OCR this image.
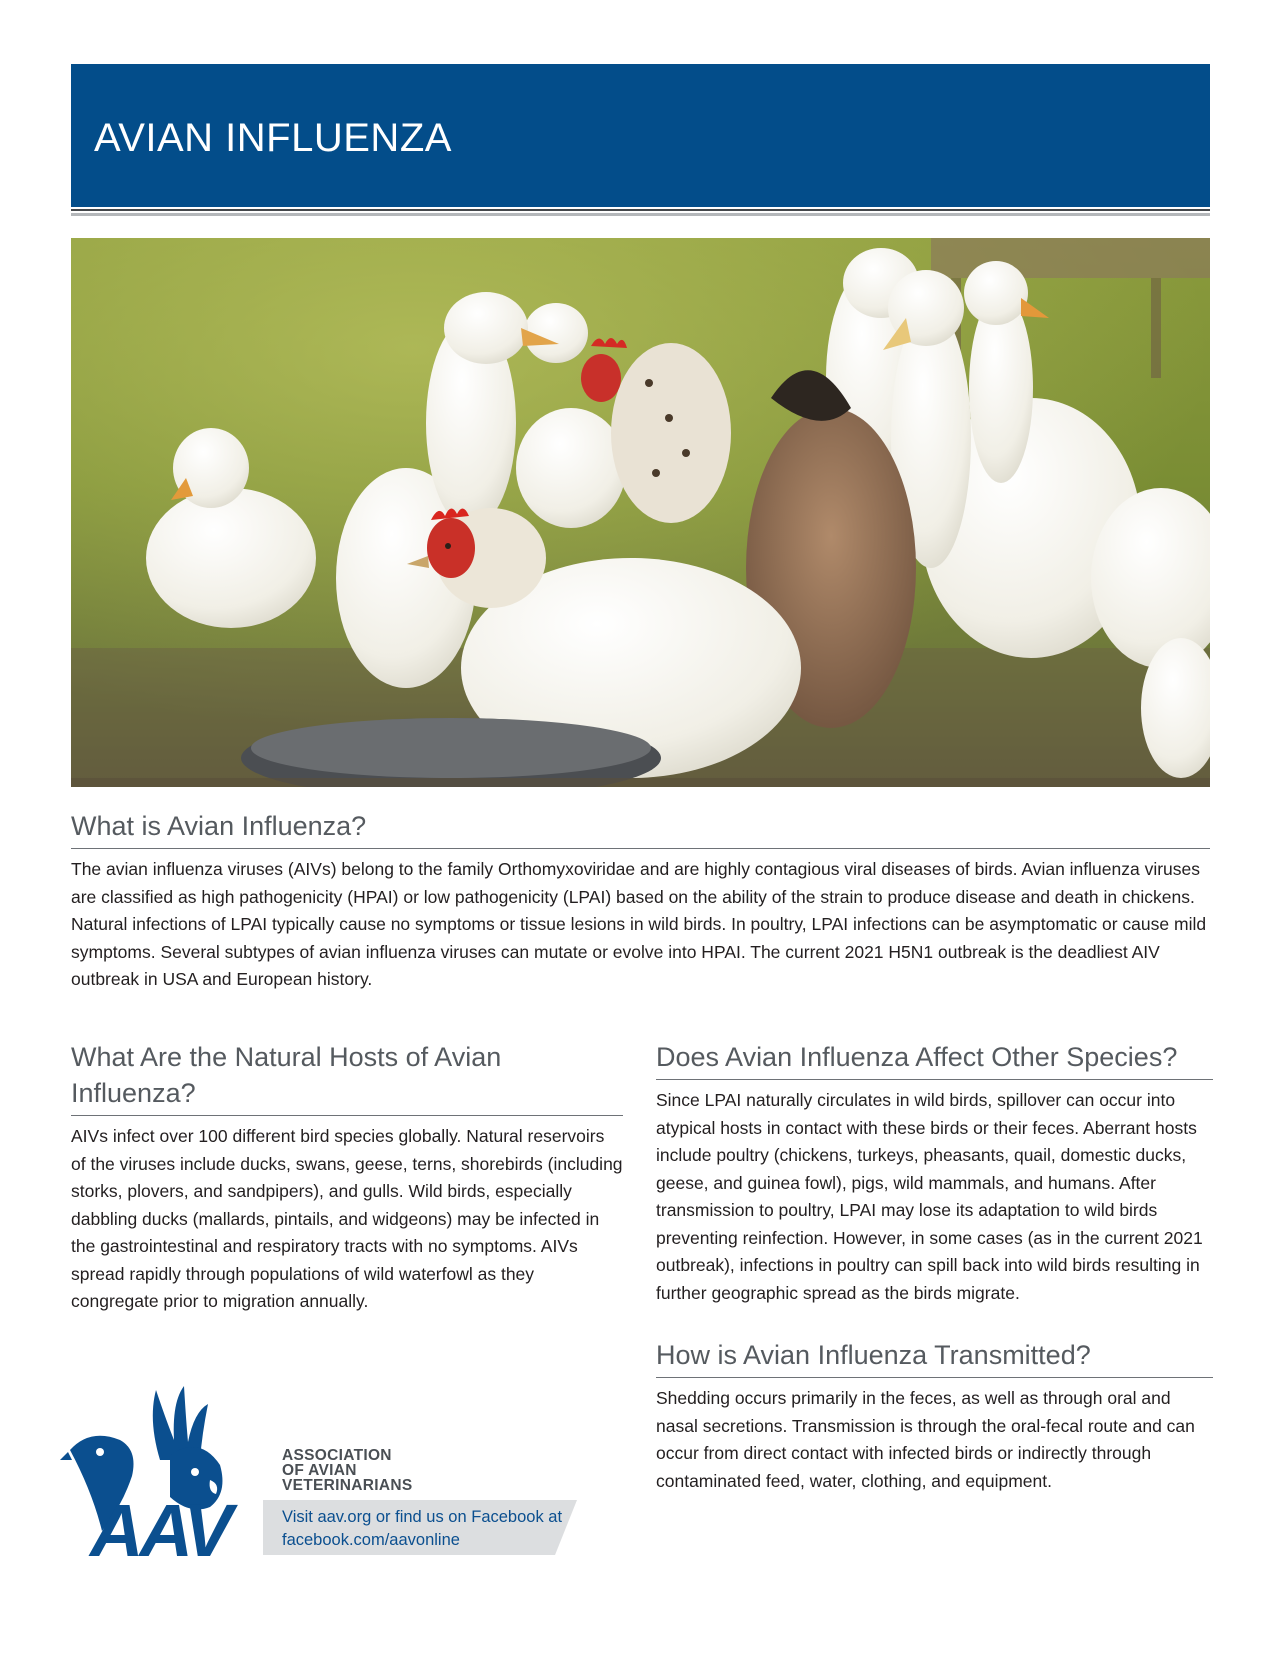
AVIAN INFLUENZA
What is Avian Influenza?

The avian influenza viruses (AIVs) belong to the family Orthomyxoviridae and are highly contagious viral diseases of birds. Avian influenza viruses are classified as high pathogenicity (HPAI) or low pathogenicity (LPAI) based on the ability of the strain to produce disease and death in chickens. Natural infections of LPAI typically cause no symptoms or tissue lesions in wild birds. In poultry, LPAI infections can be asymptomatic or cause mild symptoms. Several subtypes of avian influenza viruses can mutate or evolve into HPAI. The current 2021 H5N1 outbreak is the deadliest AIV outbreak in USA and European history.

What Are the Natural Hosts of Avian Influenza?

AIVs infect over 100 different bird species globally. Natural reservoirs of the viruses include ducks, swans, geese, terns, shorebirds (including storks, plovers, and sandpipers), and gulls. Wild birds, especially dabbling ducks (mallards, pintails, and widgeons) may be infected in the gastrointestinal and respiratory tracts with no symptoms. AIVs spread rapidly through populations of wild waterfowl as they congregate prior to migration annually.

Does Avian Influenza Affect Other Species?

Since LPAI naturally circulates in wild birds, spillover can occur into atypical hosts in contact with these birds or their feces. Aberrant hosts include poultry (chickens, turkeys, pheasants, quail, domestic ducks, geese, and guinea fowl), pigs, wild mammals, and humans. After transmission to poultry, LPAI may lose its adaptation to wild birds preventing reinfection. However, in some cases (as in the current 2021 outbreak), infections in poultry can spill back into wild birds resulting in further geographic spread as the birds migrate.

How is Avian Influenza Transmitted?

Shedding occurs primarily in the feces, as well as through oral and nasal secretions. Transmission is through the oral-fecal route and can occur from direct contact with infected birds or indirectly through contaminated feed, water, clothing, and equipment.

AAV
ASSOCIATION
OF AVIAN
VETERINARIANS
Visit aav.org or find us on Facebook at
facebook.com/aavonline
